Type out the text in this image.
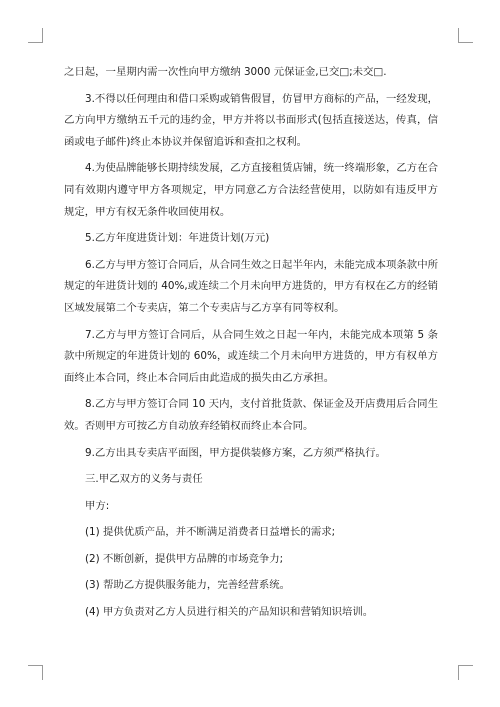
之日起，一星期内需一次性向甲方缴纳 3000 元保证金,已交□;未交□.

3.不得以任何理由和借口采购或销售假冒，仿冒甲方商标的产品，一经发现，乙方向甲方缴纳五千元的违约金，甲方并将以书面形式(包括直接送达，传真，信函或电子邮件)终止本协议并保留追诉和查扣之权利。

4.为使品牌能够长期持续发展，乙方直接租赁店铺，统一终端形象，乙方在合同有效期内遵守甲方各项规定，甲方同意乙方合法经营使用，以防如有违反甲方规定，甲方有权无条件收回使用权。

5.乙方年度进货计划：年进货计划(万元)

6.乙方与甲方签订合同后，从合同生效之日起半年内，未能完成本项条款中所规定的年进货计划的 40%,或连续二个月未向甲方进货的，甲方有权在乙方的经销区域发展第二个专卖店，第二个专卖店与乙方享有同等权利。

7.乙方与甲方签订合同后，从合同生效之日起一年内，未能完成本项第 5 条款中所规定的年进货计划的 60%，或连续二个月未向甲方进货的，甲方有权单方面终止本合同，终止本合同后由此造成的损失由乙方承担。

8.乙方与甲方签订合同 10 天内，支付首批货款、保证金及开店费用后合同生效。否则甲方可按乙方自动放弃经销权而终止本合同。

9.乙方出具专卖店平面图，甲方提供装修方案，乙方须严格执行。

三.甲乙双方的义务与责任

甲方:

(1) 提供优质产品，并不断满足消费者日益增长的需求;

(2) 不断创新，提供甲方品牌的市场竞争力;

(3) 帮助乙方提供服务能力，完善经营系统。

(4) 甲方负责对乙方人员进行相关的产品知识和营销知识培训。
